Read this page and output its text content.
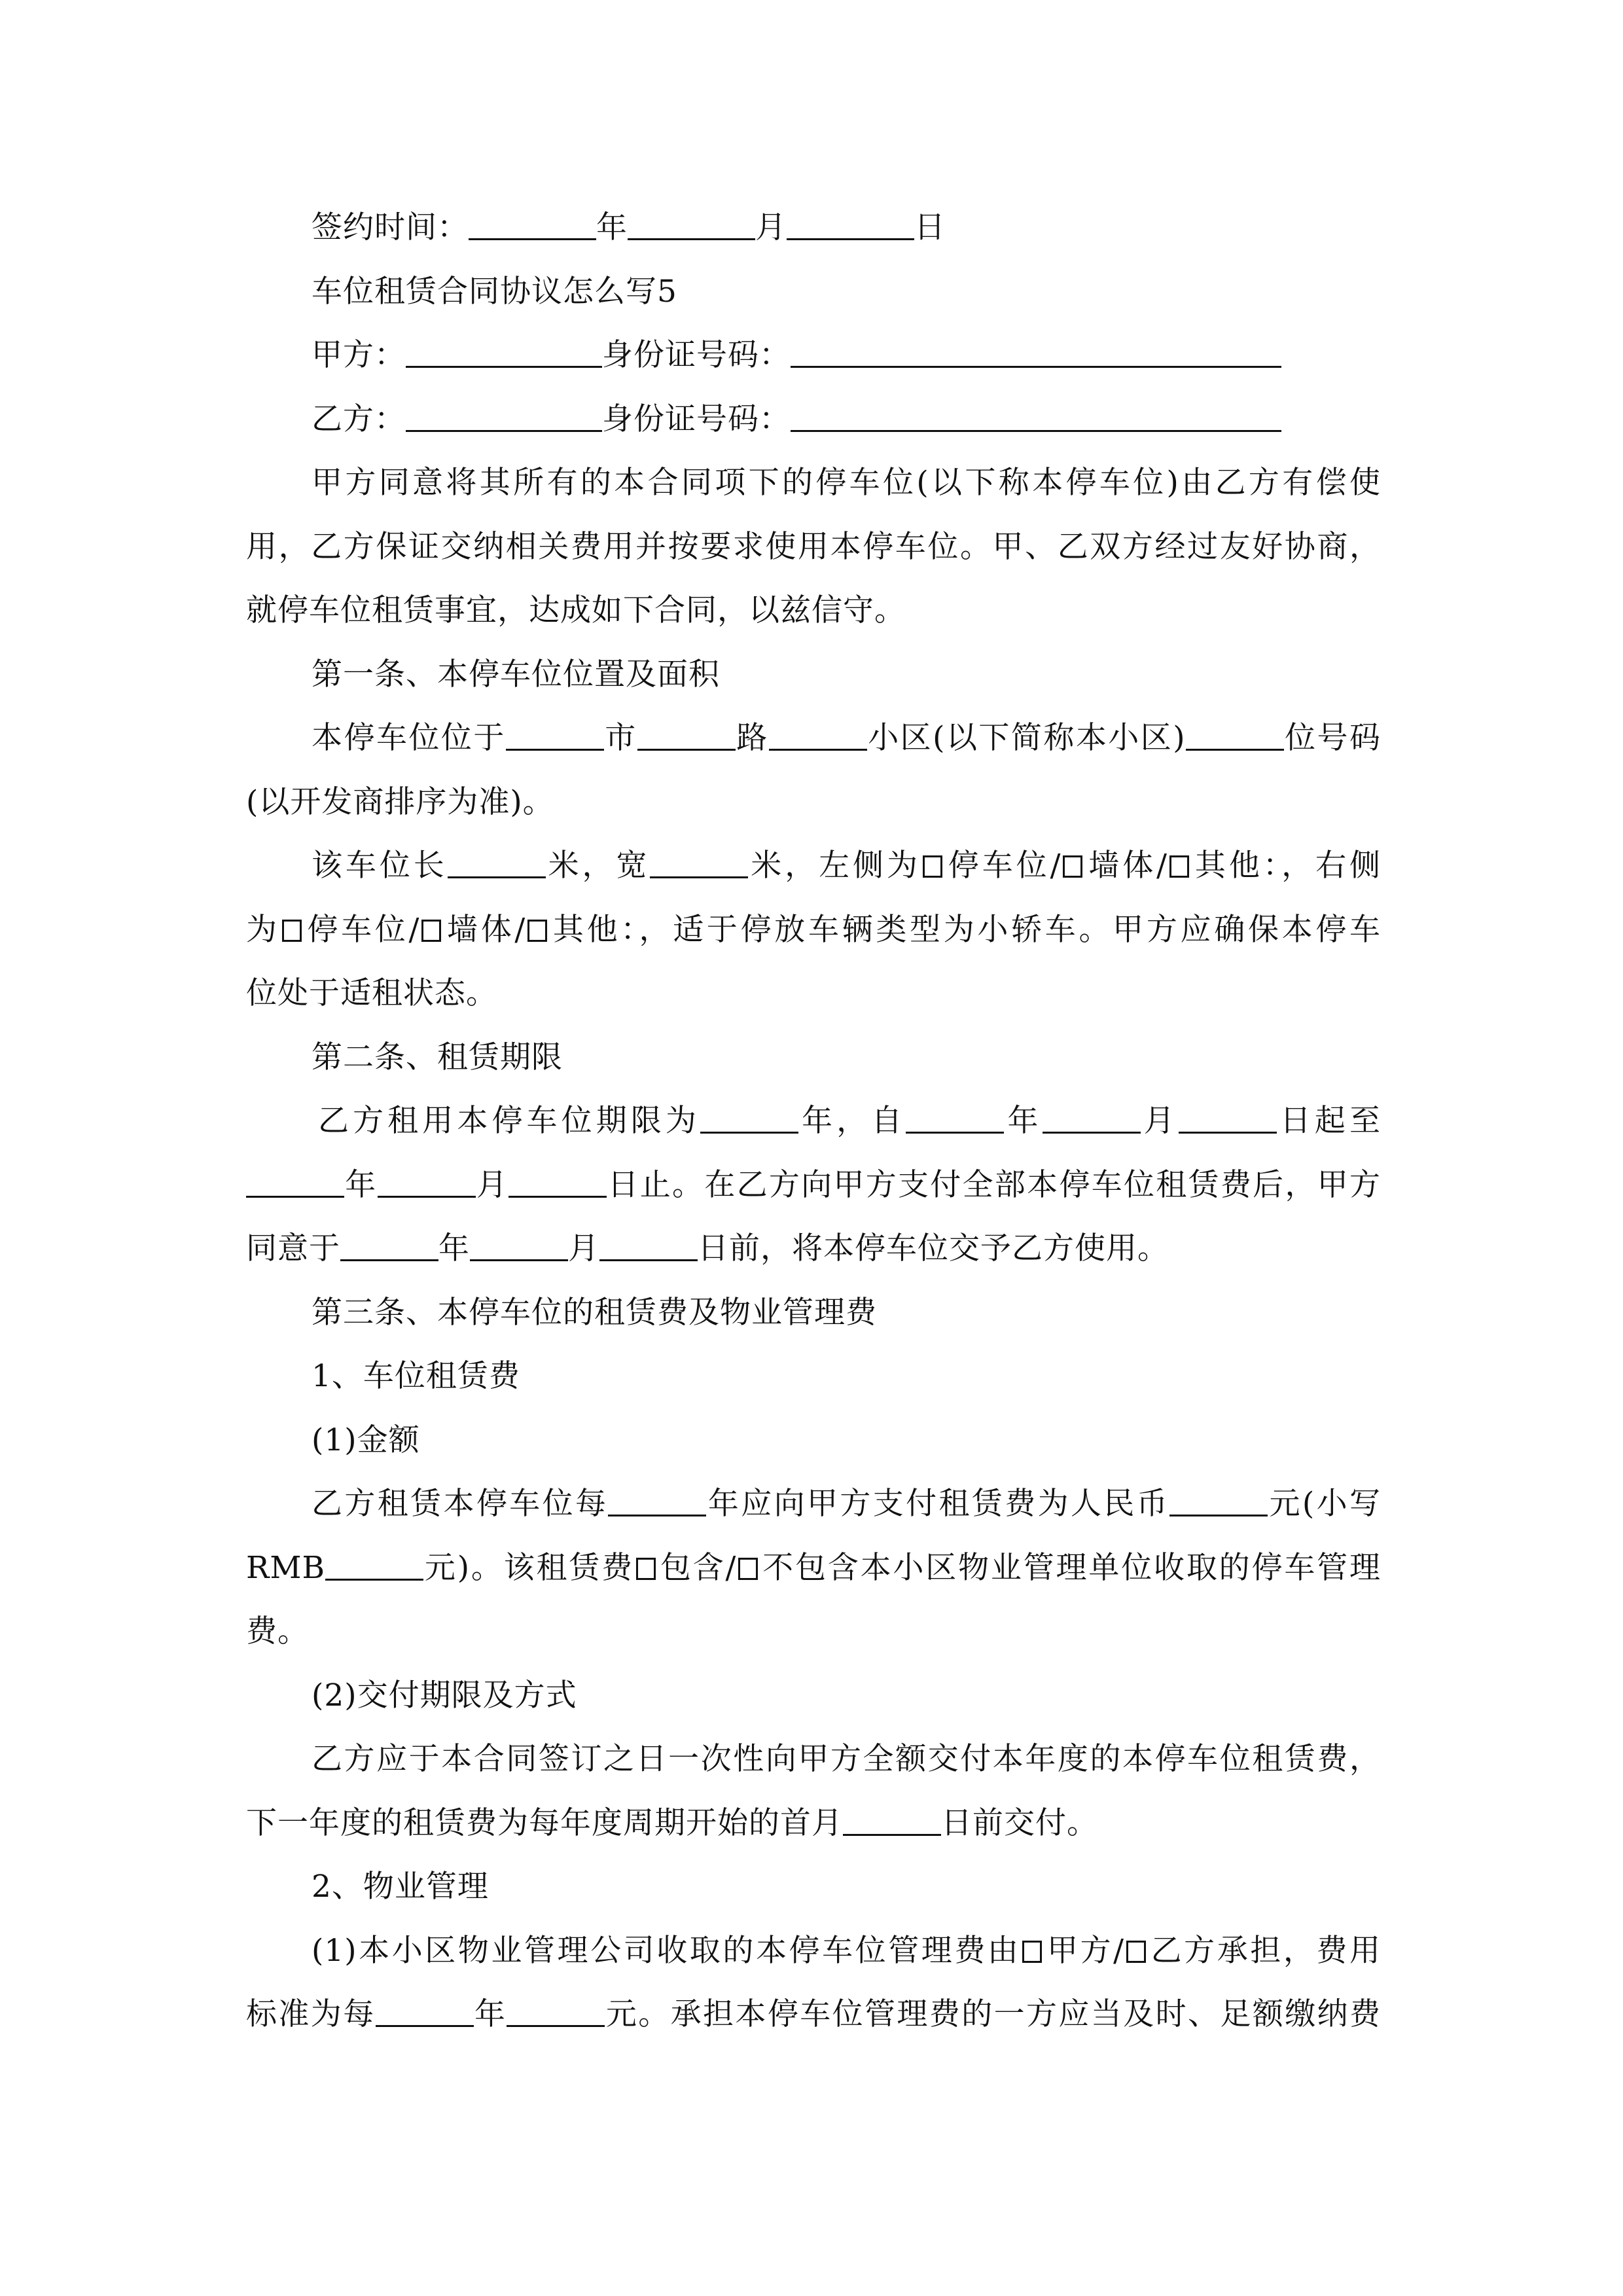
签约时间：	年	月	日
车位租赁合同协议怎么写5
甲方：	身份证号码：
乙方：	身份证号码：
甲方同意将其所有的本合同项下的停车位(以下称本停车位)由乙方有偿使
用，乙方保证交纳相关费用并按要求使用本停车位。甲、乙双方经过友好协商，
就停车位租赁事宜，达成如下合同，以兹信守。
第一条、本停车位位置及面积
本停车位位于	市	路	小区(以下简称本小区)	位号码
(以开发商排序为准)。
该车位长	米，宽	米，左侧为 停车位/ 墙体/ 其他：，右侧
为 停车位/ 墙体/ 其他：，适于停放车辆类型为小轿车。甲方应确保本停车
位处于适租状态。
第二条、租赁期限
乙方租用本停车位期限为	年，自	年	月	日起至
年	月	日止。在乙方向甲方支付全部本停车位租赁费后，甲方
同意于	年	月	日前，将本停车位交予乙方使用。
第三条、本停车位的租赁费及物业管理费
1、车位租赁费
(1)金额
乙方租赁本停车位每	年应向甲方支付租赁费为人民币	元(小写
RMB	元)。该租赁费 包含/ 不包含本小区物业管理单位收取的停车管理
费。
(2)交付期限及方式
乙方应于本合同签订之日一次性向甲方全额交付本年度的本停车位租赁费，
下一年度的租赁费为每年度周期开始的首月	日前交付。
2、物业管理
(1)本小区物业管理公司收取的本停车位管理费由 甲方/ 乙方承担，费用
标准为每	年	元。承担本停车位管理费的一方应当及时、足额缴纳费
